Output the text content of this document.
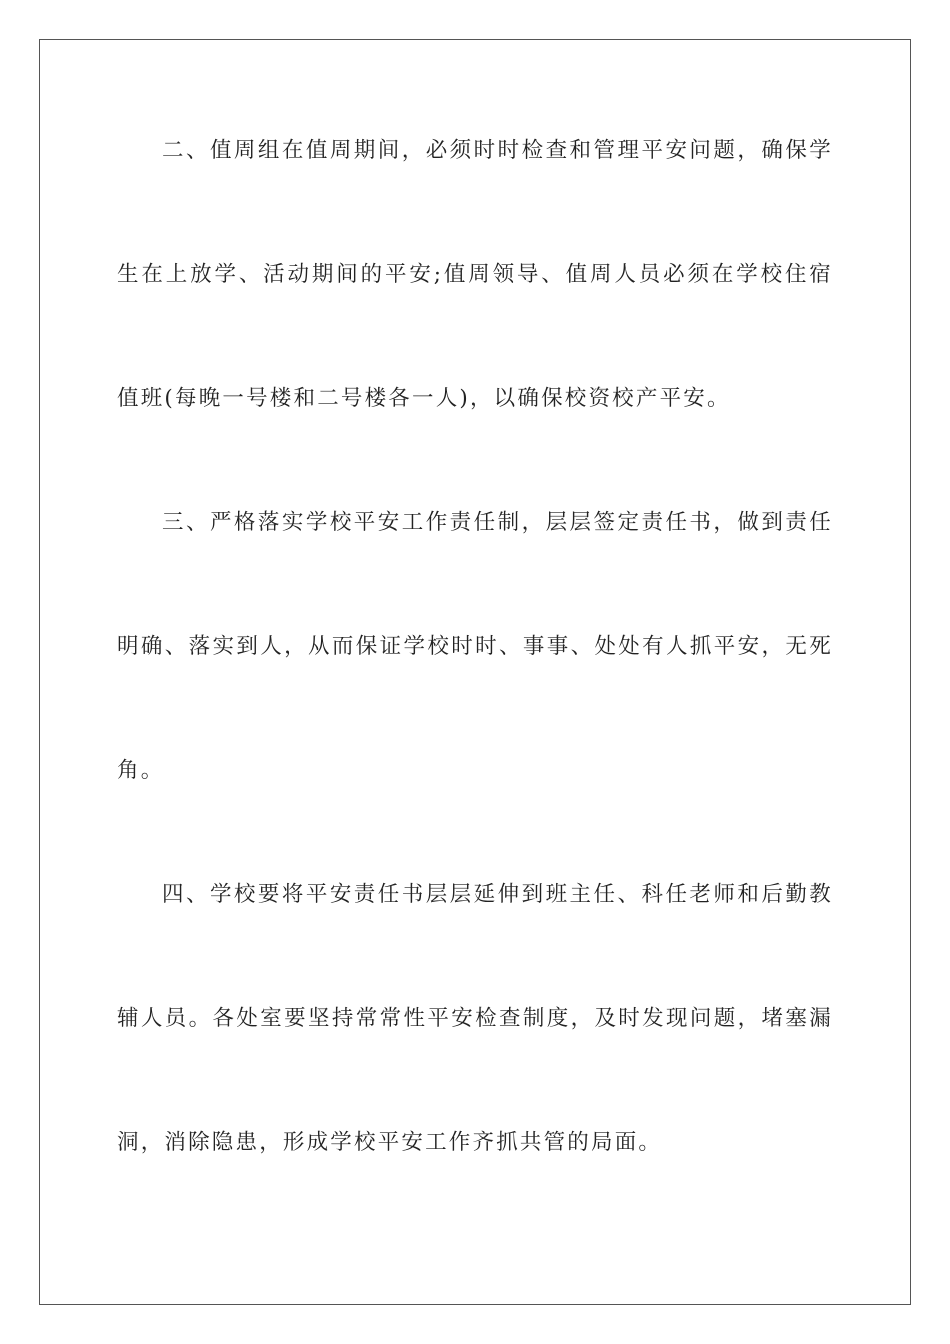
二、值周组在值周期间，必须时时检查和管理平安问题，确保学
生在上放学、活动期间的平安;值周领导、值周人员必须在学校住宿
值班(每晚一号楼和二号楼各一人)，以确保校资校产平安。
三、严格落实学校平安工作责任制，层层签定责任书，做到责任
明确、落实到人，从而保证学校时时、事事、处处有人抓平安，无死
角。
四、学校要将平安责任书层层延伸到班主任、科任老师和后勤教
辅人员。各处室要坚持常常性平安检查制度，及时发现问题，堵塞漏
洞，消除隐患，形成学校平安工作齐抓共管的局面。
